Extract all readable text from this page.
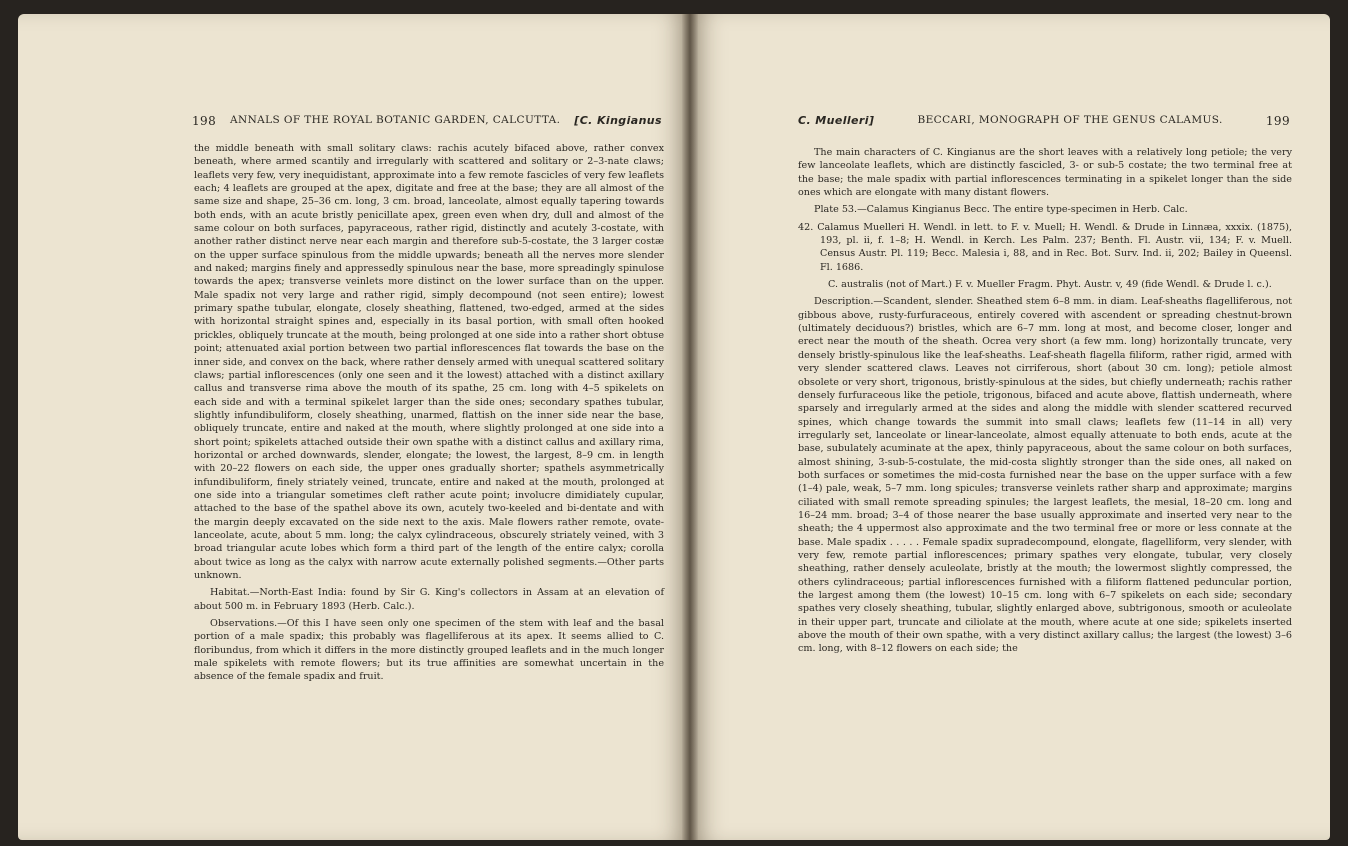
198 ANNALS OF THE ROYAL BOTANIC GARDEN, CALCUTTA. [C. Kingianus

the middle beneath with small solitary claws: rachis acutely bifaced above, rather convex beneath, where armed scantily and irregularly with scattered and solitary or 2–3-nate claws; leaflets very few, very inequidistant, approximate into a few remote fascicles of very few leaflets each; 4 leaflets are grouped at the apex, digitate and free at the base; they are all almost of the same size and shape, 25–36 cm. long, 3 cm. broad, lanceolate, almost equally tapering towards both ends, with an acute bristly penicillate apex, green even when dry, dull and almost of the same colour on both surfaces, papyraceous, rather rigid, distinctly and acutely 3-costate, with another rather distinct nerve near each margin and therefore sub-5-costate, the 3 larger costæ on the upper surface spinulous from the middle upwards; beneath all the nerves more slender and naked; margins finely and appressedly spinulous near the base, more spreadingly spinulose towards the apex; transverse veinlets more distinct on the lower surface than on the upper. Male spadix not very large and rather rigid, simply decompound (not seen entire); lowest primary spathe tubular, elongate, closely sheathing, flattened, two-edged, armed at the sides with horizontal straight spines and, especially in its basal portion, with small often hooked prickles, obliquely truncate at the mouth, being prolonged at one side into a rather short obtuse point; attenuated axial portion between two partial inflorescences flat towards the base on the inner side, and convex on the back, where rather densely armed with unequal scattered solitary claws; partial inflorescences (only one seen and it the lowest) attached with a distinct axillary callus and transverse rima above the mouth of its spathe, 25 cm. long with 4–5 spikelets on each side and with a terminal spikelet larger than the side ones; secondary spathes tubular, slightly infundibuliform, closely sheathing, unarmed, flattish on the inner side near the base, obliquely truncate, entire and naked at the mouth, where slightly prolonged at one side into a short point; spikelets attached outside their own spathe with a distinct callus and axillary rima, horizontal or arched downwards, slender, elongate; the lowest, the largest, 8–9 cm. in length with 20–22 flowers on each side, the upper ones gradually shorter; spathels asymmetrically infundibuliform, finely striately veined, truncate, entire and naked at the mouth, prolonged at one side into a triangular sometimes cleft rather acute point; involucre dimidiately cupular, attached to the base of the spathel above its own, acutely two-keeled and bi-dentate and with the margin deeply excavated on the side next to the axis. Male flowers rather remote, ovate-lanceolate, acute, about 5 mm. long; the calyx cylindraceous, obscurely striately veined, with 3 broad triangular acute lobes which form a third part of the length of the entire calyx; corolla about twice as long as the calyx with narrow acute externally polished segments.—Other parts unknown.

Habitat.—North-East India: found by Sir G. King's collectors in Assam at an elevation of about 500 m. in February 1893 (Herb. Calc.).

Observations.—Of this I have seen only one specimen of the stem with leaf and the basal portion of a male spadix; this probably was flagelliferous at its apex. It seems allied to C. floribundus, from which it differs in the more distinctly grouped leaflets and in the much longer male spikelets with remote flowers; but its true affinities are somewhat uncertain in the absence of the female spadix and fruit.

C. Muelleri]	BECCARI, MONOGRAPH OF THE GENUS CALAMUS.	199

The main characters of C. Kingianus are the short leaves with a relatively long petiole; the very few lanceolate leaflets, which are distinctly fascicled, 3- or sub-5 costate; the two terminal free at the base; the male spadix with partial inflorescences terminating in a spikelet longer than the side ones which are elongate with many distant flowers.

Plate 53.—Calamus Kingianus Becc. The entire type-specimen in Herb. Calc.

42. Calamus Muelleri H. Wendl. in lett. to F. v. Muell; H. Wendl. & Drude in Linnæa, xxxix. (1875), 193, pl. ii, f. 1–8; H. Wendl. in Kerch. Les Palm. 237; Benth. Fl. Austr. vii, 134; F. v. Muell. Census Austr. Pl. 119; Becc. Malesia i, 88, and in Rec. Bot. Surv. Ind. ii, 202; Bailey in Queensl. Fl. 1686.

C. australis (not of Mart.) F. v. Mueller Fragm. Phyt. Austr. v, 49 (fide Wendl. & Drude l. c.).

Description.—Scandent, slender. Sheathed stem 6–8 mm. in diam. Leaf-sheaths flagelliferous, not gibbous above, rusty-furfuraceous, entirely covered with ascendent or spreading chestnut-brown (ultimately deciduous?) bristles, which are 6–7 mm. long at most, and become closer, longer and erect near the mouth of the sheath. Ocrea very short (a few mm. long) horizontally truncate, very densely bristly-spinulous like the leaf-sheaths. Leaf-sheath flagella filiform, rather rigid, armed with very slender scattered claws. Leaves not cirriferous, short (about 30 cm. long); petiole almost obsolete or very short, trigonous, bristly-spinulous at the sides, but chiefly underneath; rachis rather densely furfuraceous like the petiole, trigonous, bifaced and acute above, flattish underneath, where sparsely and irregularly armed at the sides and along the middle with slender scattered recurved spines, which change towards the summit into small claws; leaflets few (11–14 in all) very irregularly set, lanceolate or linear-lanceolate, almost equally attenuate to both ends, acute at the base, subulately acuminate at the apex, thinly papyraceous, about the same colour on both surfaces, almost shining, 3-sub-5-costulate, the mid-costa slightly stronger than the side ones, all naked on both surfaces or sometimes the mid-costa furnished near the base on the upper surface with a few (1–4) pale, weak, 5–7 mm. long spicules; transverse veinlets rather sharp and approximate; margins ciliated with small remote spreading spinules; the largest leaflets, the mesial, 18–20 cm. long and 16–24 mm. broad; 3–4 of those nearer the base usually approximate and inserted very near to the sheath; the 4 uppermost also approximate and the two terminal free or more or less connate at the base. Male spadix . . . . . Female spadix supradecompound, elongate, flagelliform, very slender, with very few, remote partial inflorescences; primary spathes very elongate, tubular, very closely sheathing, rather densely aculeolate, bristly at the mouth; the lowermost slightly compressed, the others cylindraceous; partial inflorescences furnished with a filiform flattened peduncular portion, the largest among them (the lowest) 10–15 cm. long with 6–7 spikelets on each side; secondary spathes very closely sheathing, tubular, slightly enlarged above, subtrigonous, smooth or aculeolate in their upper part, truncate and ciliolate at the mouth, where acute at one side; spikelets inserted above the mouth of their own spathe, with a very distinct axillary callus; the largest (the lowest) 3–6 cm. long, with 8–12 flowers on each side; the
